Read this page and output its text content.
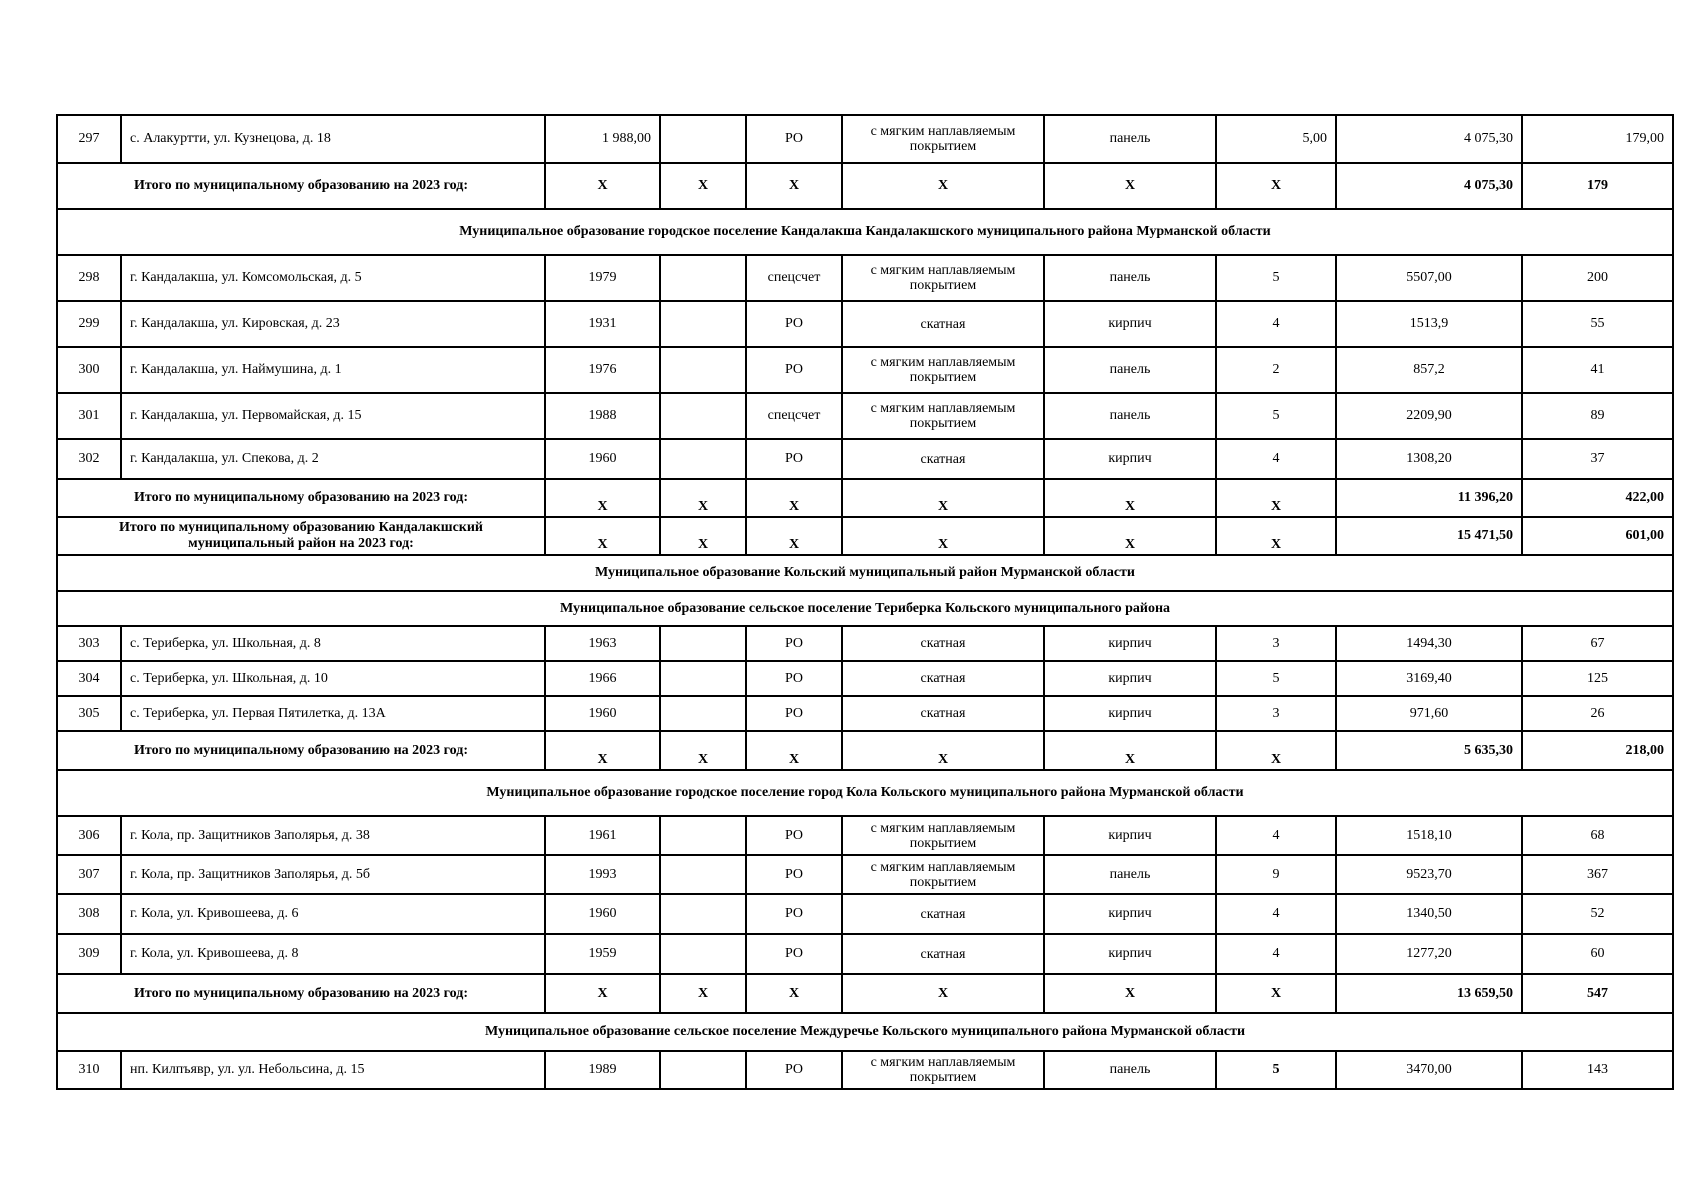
297	с. Алакуртти, ул. Кузнецова, д. 18	1 988,00		РО	с мягким наплавляемым покрытием	панель	5,00	4 075,30	179,00
Итого по муниципальному образованию на 2023 год:		X	X	X	X	X	X	4 075,30	179
Муниципальное образование городское поселение Кандалакша Кандалакшского муниципального района Мурманской области									
298	г. Кандалакша, ул. Комсомольская, д. 5	1979		спецсчет	с мягким наплавляемым покрытием	панель	5	5507,00	200
299	г. Кандалакша, ул. Кировская, д. 23	1931		РО	скатная	кирпич	4	1513,9	55
300	г. Кандалакша, ул. Наймушина, д. 1	1976		РО	с мягким наплавляемым покрытием	панель	2	857,2	41
301	г. Кандалакша, ул. Первомайская, д. 15	1988		спецсчет	с мягким наплавляемым покрытием	панель	5	2209,90	89
302	г. Кандалакша, ул. Спекова, д. 2	1960		РО	скатная	кирпич	4	1308,20	37
Итого по муниципальному образованию на 2023 год:		X	X	X	X	X	X	11 396,20	422,00
Итого по муниципальному образованию Кандалакшский муниципальный район на 2023 год:		X	X	X	X	X	X	15 471,50	601,00
Муниципальное образование Кольский муниципальный район Мурманской области									
Муниципальное образование сельское поселение Териберка Кольского муниципального района									
303	с. Териберка, ул. Школьная, д. 8	1963		РО	скатная	кирпич	3	1494,30	67
304	с. Териберка, ул. Школьная, д. 10	1966		РО	скатная	кирпич	5	3169,40	125
305	с. Териберка, ул. Первая Пятилетка, д. 13А	1960		РО	скатная	кирпич	3	971,60	26
Итого по муниципальному образованию на 2023 год:		X	X	X	X	X	X	5 635,30	218,00
Муниципальное образование городское поселение город Кола Кольского муниципального района Мурманской области									
306	г. Кола, пр. Защитников Заполярья, д. 38	1961		РО	с мягким наплавляемым покрытием	кирпич	4	1518,10	68
307	г. Кола, пр. Защитников Заполярья, д. 5б	1993		РО	с мягким наплавляемым покрытием	панель	9	9523,70	367
308	г. Кола, ул. Кривошеева, д. 6	1960		РО	скатная	кирпич	4	1340,50	52
309	г. Кола, ул. Кривошеева, д. 8	1959		РО	скатная	кирпич	4	1277,20	60
Итого по муниципальному образованию на 2023 год:		X	X	X	X	X	X	13 659,50	547
Муниципальное образование сельское поселение Междуречье Кольского муниципального района Мурманской области									
310	нп. Килпъявр, ул. ул. Небольсина, д. 15	1989		РО	с мягким наплавляемым покрытием	панель	5	3470,00	143
